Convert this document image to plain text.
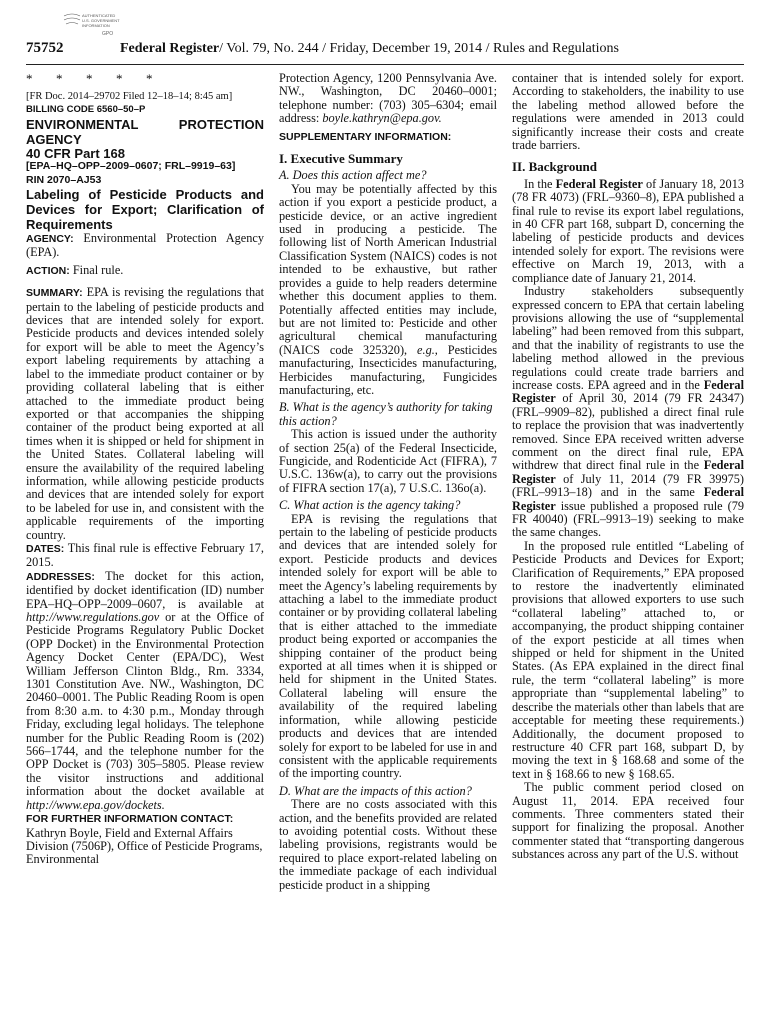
AUTHENTICATED
U.S. GOVERNMENT
INFORMATION
GPO
75752	Federal Register/ Vol. 79, No. 244 / Friday, December 19, 2014 / Rules and Regulations
* * * * *

[FR Doc. 2014–29702 Filed 12–18–14; 8:45 am]

BILLING CODE 6560–50–P

ENVIRONMENTAL PROTECTION AGENCY

40 CFR Part 168

[EPA–HQ–OPP–2009–0607; FRL–9919–63]

RIN 2070–AJ53

Labeling of Pesticide Products and Devices for Export; Clarification of Requirements

AGENCY: Environmental Protection Agency (EPA).

ACTION: Final rule.

SUMMARY: EPA is revising the regulations that pertain to the labeling of pesticide products and devices that are intended solely for export. Pesticide products and devices intended solely for export will be able to meet the Agency’s export labeling requirements by attaching a label to the immediate product container or by providing collateral labeling that is either attached to the immediate product being exported or that accompanies the shipping container of the product being exported at all times when it is shipped or held for shipment in the United States. Collateral labeling will ensure the availability of the required labeling information, while allowing pesticide products and devices that are intended solely for export to be labeled for use in, and consistent with the applicable requirements of the importing country.

DATES: This final rule is effective February 17, 2015.

ADDRESSES: The docket for this action, identified by docket identification (ID) number EPA–HQ–OPP–2009–0607, is available at http://www.regulations.gov or at the Office of Pesticide Programs Regulatory Public Docket (OPP Docket) in the Environmental Protection Agency Docket Center (EPA/DC), West William Jefferson Clinton Bldg., Rm. 3334, 1301 Constitution Ave. NW., Washington, DC 20460–0001. The Public Reading Room is open from 8:30 a.m. to 4:30 p.m., Monday through Friday, excluding legal holidays. The telephone number for the Public Reading Room is (202) 566–1744, and the telephone number for the OPP Docket is (703) 305–5805. Please review the visitor instructions and additional information about the docket available at http://www.epa.gov/dockets.

FOR FURTHER INFORMATION CONTACT:

Kathryn Boyle, Field and External Affairs Division (7506P), Office of Pesticide Programs, Environmental

Protection Agency, 1200 Pennsylvania Ave. NW., Washington, DC 20460–0001; telephone number: (703) 305–6304; email address: boyle.kathryn@epa.gov.

SUPPLEMENTARY INFORMATION:

I. Executive Summary

A. Does this action affect me?

You may be potentially affected by this action if you export a pesticide product, a pesticide device, or an active ingredient used in producing a pesticide. The following list of North American Industrial Classification System (NAICS) codes is not intended to be exhaustive, but rather provides a guide to help readers determine whether this document applies to them. Potentially affected entities may include, but are not limited to: Pesticide and other agricultural chemical manufacturing (NAICS code 325320), e.g., Pesticides manufacturing, Insecticides manufacturing, Herbicides manufacturing, Fungicides manufacturing, etc.

B. What is the agency’s authority for taking this action?

This action is issued under the authority of section 25(a) of the Federal Insecticide, Fungicide, and Rodenticide Act (FIFRA), 7 U.S.C. 136w(a), to carry out the provisions of FIFRA section 17(a), 7 U.S.C. 136o(a).

C. What action is the agency taking?

EPA is revising the regulations that pertain to the labeling of pesticide products and devices that are intended solely for export. Pesticide products and devices intended solely for export will be able to meet the Agency’s labeling requirements by attaching a label to the immediate product container or by providing collateral labeling that is either attached to the immediate product being exported or accompanies the shipping container of the product being exported at all times when it is shipped or held for shipment in the United States. Collateral labeling will ensure the availability of the required labeling information, while allowing pesticide products and devices that are intended solely for export to be labeled for use in and consistent with the applicable requirements of the importing country.

D. What are the impacts of this action?

There are no costs associated with this action, and the benefits provided are related to avoiding potential costs. Without these labeling provisions, registrants would be required to place export-related labeling on the immediate package of each individual pesticide product in a shipping

container that is intended solely for export. According to stakeholders, the inability to use the labeling method allowed before the regulations were amended in 2013 could significantly increase their costs and create trade barriers.

II. Background

In the Federal Register of January 18, 2013 (78 FR 4073) (FRL–9360–8), EPA published a final rule to revise its export label regulations, in 40 CFR part 168, subpart D, concerning the labeling of pesticide products and devices intended solely for export. The revisions were effective on March 19, 2013, with a compliance date of January 21, 2014.

Industry stakeholders subsequently expressed concern to EPA that certain labeling provisions allowing the use of “supplemental labeling” had been removed from this subpart, and that the inability of registrants to use the labeling method allowed in the previous regulations could create trade barriers and increase costs. EPA agreed and in the Federal Register of April 30, 2014 (79 FR 24347) (FRL–9909–82), published a direct final rule to replace the provision that was inadvertently removed. Since EPA received written adverse comment on the direct final rule, EPA withdrew that direct final rule in the Federal Register of July 11, 2014 (79 FR 39975) (FRL–9913–18) and in the same Federal Register issue published a proposed rule (79 FR 40040) (FRL–9913–19) seeking to make the same changes.

In the proposed rule entitled “Labeling of Pesticide Products and Devices for Export; Clarification of Requirements,” EPA proposed to restore the inadvertently eliminated provisions that allowed exporters to use such “collateral labeling” attached to, or accompanying, the product shipping container of the export pesticide at all times when shipped or held for shipment in the United States. (As EPA explained in the direct final rule, the term “collateral labeling” is more appropriate than “supplemental labeling” to describe the materials other than labels that are acceptable for meeting these requirements.) Additionally, the document proposed to restructure 40 CFR part 168, subpart D, by moving the text in § 168.68 and some of the text in § 168.66 to new § 168.65.

The public comment period closed on August 11, 2014. EPA received four comments. Three commenters stated their support for finalizing the proposal. Another commenter stated that “transporting dangerous substances across any part of the U.S. without
